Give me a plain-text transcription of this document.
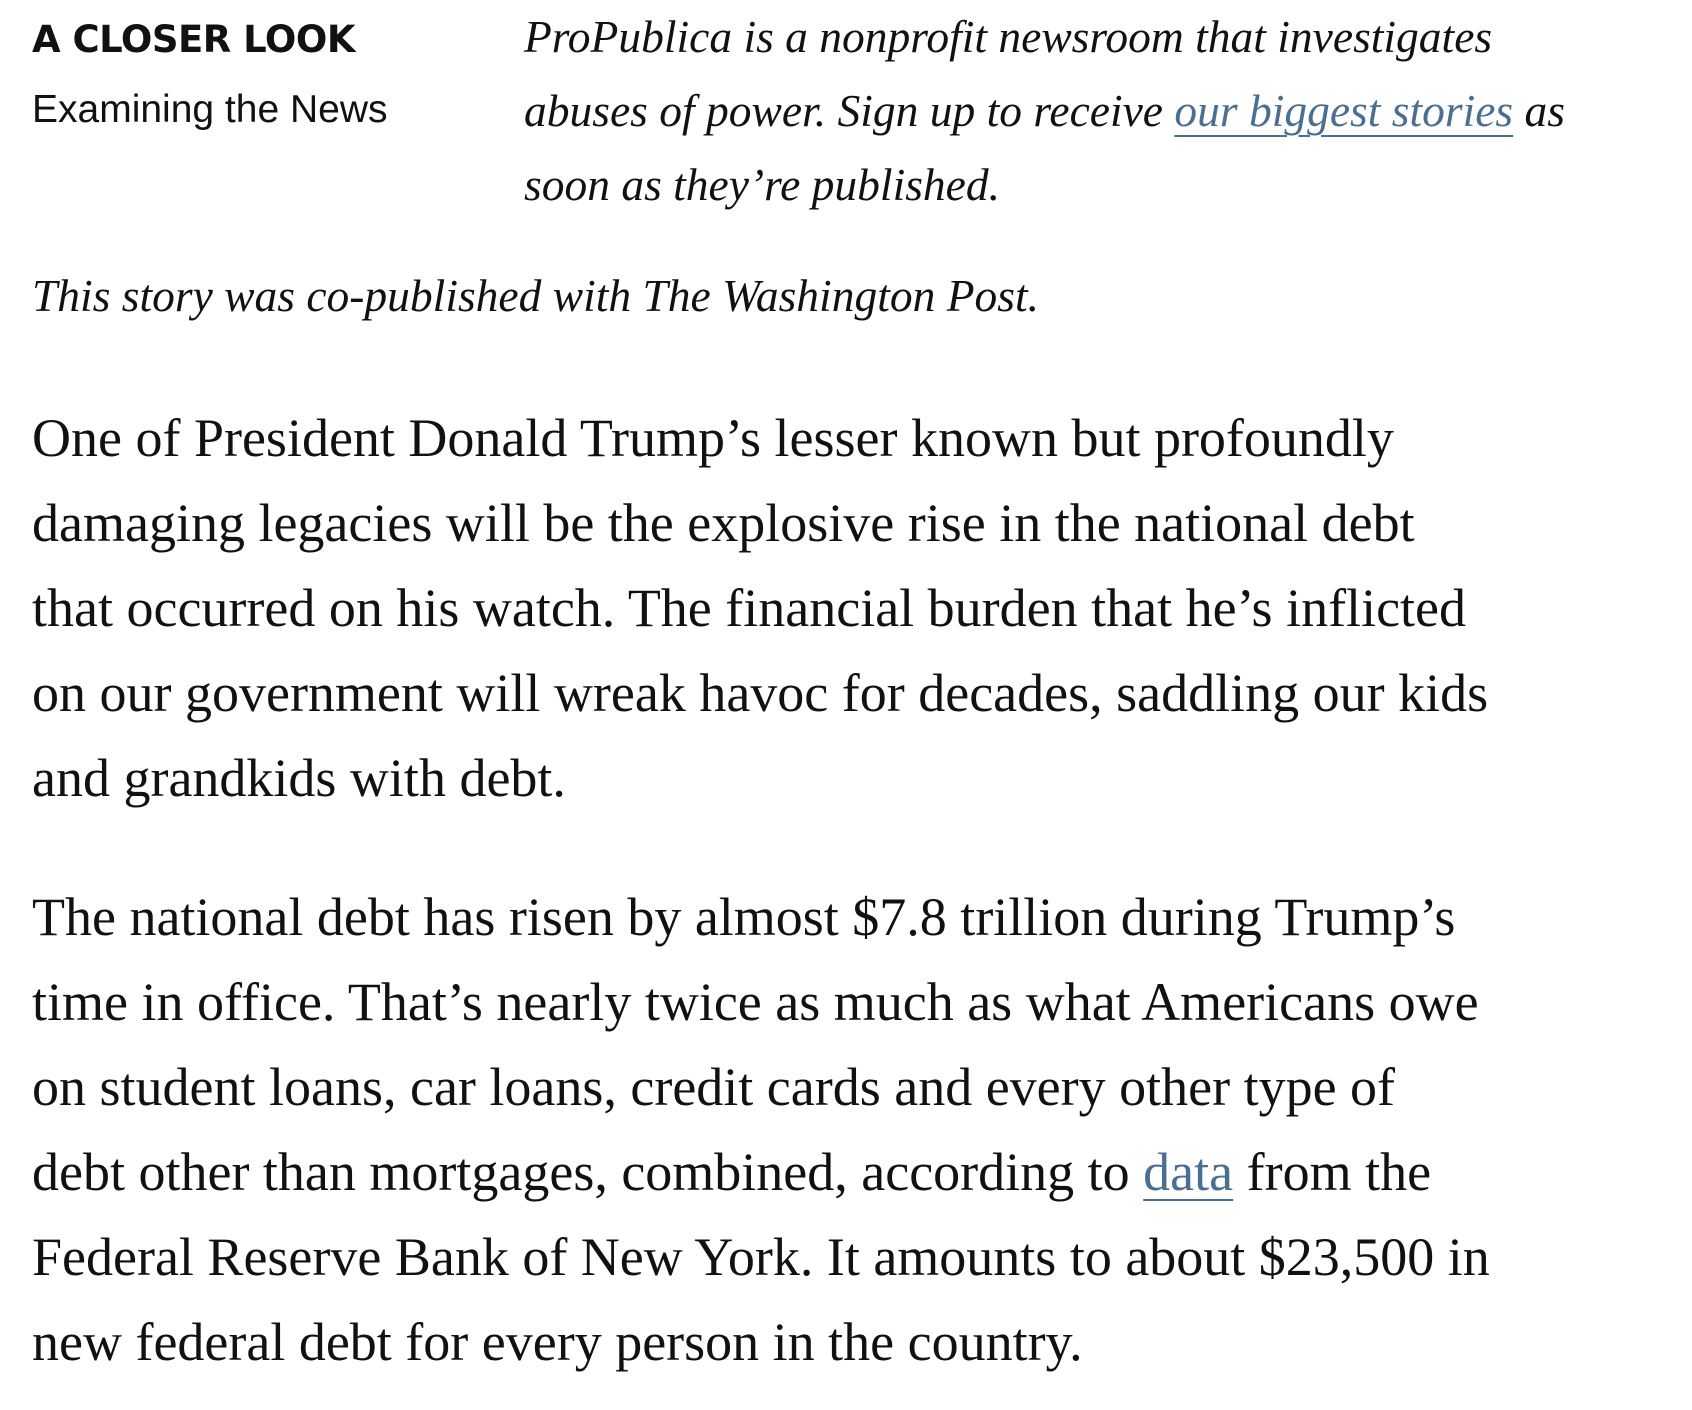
A CLOSER LOOK
Examining the News
ProPublica is a nonprofit newsroom that investigates
abuses of power. Sign up to receive our biggest stories as
soon as they’re published.
This story was co-published with The Washington Post.

One of President Donald Trump’s lesser known but profoundly
damaging legacies will be the explosive rise in the national debt
that occurred on his watch. The financial burden that he’s inflicted
on our government will wreak havoc for decades, saddling our kids
and grandkids with debt.

The national debt has risen by almost $7.8 trillion during Trump’s
time in office. That’s nearly twice as much as what Americans owe
on student loans, car loans, credit cards and every other type of
debt other than mortgages, combined, according to data from the
Federal Reserve Bank of New York. It amounts to about $23,500 in
new federal debt for every person in the country.
